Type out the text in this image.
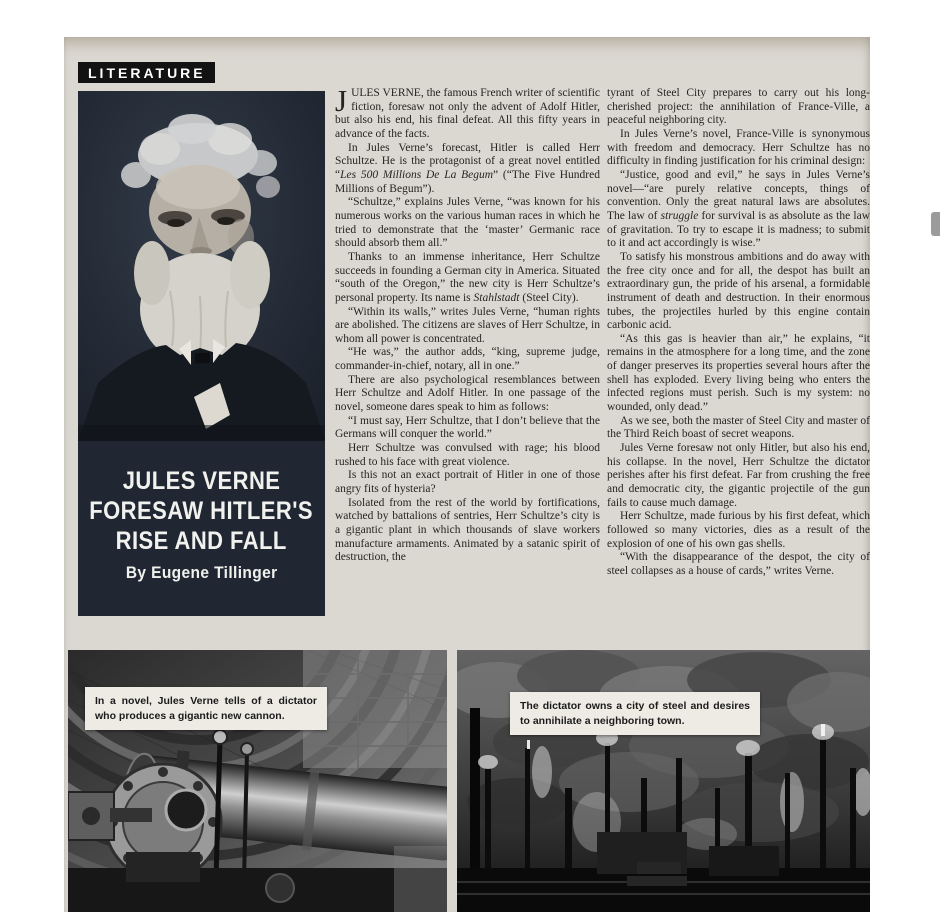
LITERATURE
JULES VERNE
FORESAW HITLER'S
RISE AND FALL
By Eugene Tillinger

JULES VERNE, the famous French writer of scientific fiction, foresaw not only the advent of Adolf Hitler, but also his end, his final defeat. All this fifty years in advance of the facts.

In Jules Verne’s forecast, Hitler is called Herr Schultze. He is the protagonist of a great novel entitled “Les 500 Millions De La Begum” (“The Five Hundred Millions of Begum”).

“Schultze,” explains Jules Verne, “was known for his numerous works on the various human races in which he tried to demonstrate that the ‘master’ Germanic race should absorb them all.”

Thanks to an immense inheritance, Herr Schultze succeeds in founding a German city in America. Situated “south of the Oregon,” the new city is Herr Schultze’s personal property. Its name is Stahlstadt (Steel City).

“Within its walls,” writes Jules Verne, “human rights are abolished. The citizens are slaves of Herr Schultze, in whom all power is concentrated.

“He was,” the author adds, “king, supreme judge, commander-in-chief, notary, all in one.”

There are also psychological resemblances between Herr Schultze and Adolf Hitler. In one passage of the novel, someone dares speak to him as follows:

“I must say, Herr Schultze, that I don’t believe that the Germans will conquer the world.”

Herr Schultze was convulsed with rage; his blood rushed to his face with great violence.

Is this not an exact portrait of Hitler in one of those angry fits of hysteria?

Isolated from the rest of the world by fortifications, watched by battalions of sentries, Herr Schultze’s city is a gigantic plant in which thousands of slave workers manufacture armaments. Animated by a satanic spirit of destruction, the

tyrant of Steel City prepares to carry out his long-cherished project: the annihilation of France-Ville, a peaceful neighboring city.

In Jules Verne’s novel, France-Ville is synonymous with freedom and democracy. Herr Schultze has no difficulty in finding justification for his criminal design:

“Justice, good and evil,” he says in Jules Verne’s novel—“are purely relative concepts, things of convention. Only the great natural laws are absolutes. The law of struggle for survival is as absolute as the law of gravitation. To try to escape it is madness; to submit to it and act accordingly is wise.”

To satisfy his monstrous ambitions and do away with the free city once and for all, the despot has built an extraordinary gun, the pride of his arsenal, a formidable instrument of death and destruction. In their enormous tubes, the projectiles hurled by this engine contain carbonic acid.

“As this gas is heavier than air,” he explains, “it remains in the atmosphere for a long time, and the zone of danger preserves its properties several hours after the shell has exploded. Every living being who enters the infected regions must perish. Such is my system: no wounded, only dead.”

As we see, both the master of Steel City and master of the Third Reich boast of secret weapons.

Jules Verne foresaw not only Hitler, but also his end, his collapse. In the novel, Herr Schultze the dictator perishes after his first defeat. Far from crushing the free and democratic city, the gigantic projectile of the gun fails to cause much damage.

Herr Schultze, made furious by his first defeat, which followed so many victories, dies as a result of the explosion of one of his own gas shells.

“With the disappearance of the despot, the city of steel collapses as a house of cards,” writes Verne.

In a novel, Jules Verne tells of a dictator who produces a gigantic new cannon.
The dictator owns a city of steel and desires to annihilate a neighboring town.
